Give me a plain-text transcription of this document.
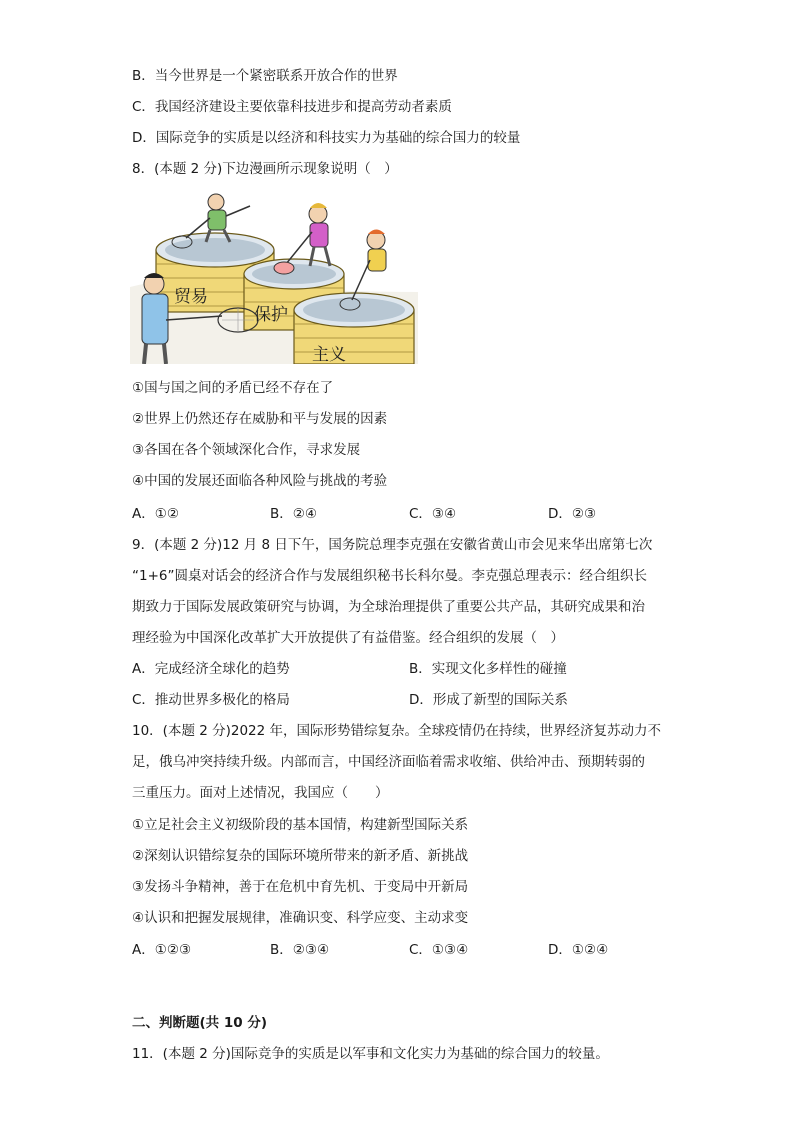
B．当今世界是一个紧密联系开放合作的世界
C．我国经济建设主要依靠科技进步和提高劳动者素质
D．国际竞争的实质是以经济和科技实力为基础的综合国力的较量
8．(本题 2 分)下边漫画所示现象说明（　）
贸易
保护
主义
①国与国之间的矛盾已经不存在了
②世界上仍然还存在威胁和平与发展的因素
③各国在各个领域深化合作，寻求发展
④中国的发展还面临各种风险与挑战的考验
A．①②	B．②④	C．③④	D．②③
9．(本题 2 分)12 月 8 日下午，国务院总理李克强在安徽省黄山市会见来华出席第七次
“1+6”圆桌对话会的经济合作与发展组织秘书长科尔曼。李克强总理表示：经合组织长
期致力于国际发展政策研究与协调，为全球治理提供了重要公共产品，其研究成果和治
理经验为中国深化改革扩大开放提供了有益借鉴。经合组织的发展（　）
A．完成经济全球化的趋势	B．实现文化多样性的碰撞
C．推动世界多极化的格局	D．形成了新型的国际关系
10．(本题 2 分)2022 年，国际形势错综复杂。全球疫情仍在持续，世界经济复苏动力不
足，俄乌冲突持续升级。内部而言，中国经济面临着需求收缩、供给冲击、预期转弱的
三重压力。面对上述情况，我国应（　　）
①立足社会主义初级阶段的基本国情，构建新型国际关系
②深刻认识错综复杂的国际环境所带来的新矛盾、新挑战
③发扬斗争精神，善于在危机中育先机、于变局中开新局
④认识和把握发展规律，准确识变、科学应变、主动求变
A．①②③	B．②③④	C．①③④	D．①②④
二、判断题(共 10 分)
11．(本题 2 分)国际竞争的实质是以军事和文化实力为基础的综合国力的较量。
